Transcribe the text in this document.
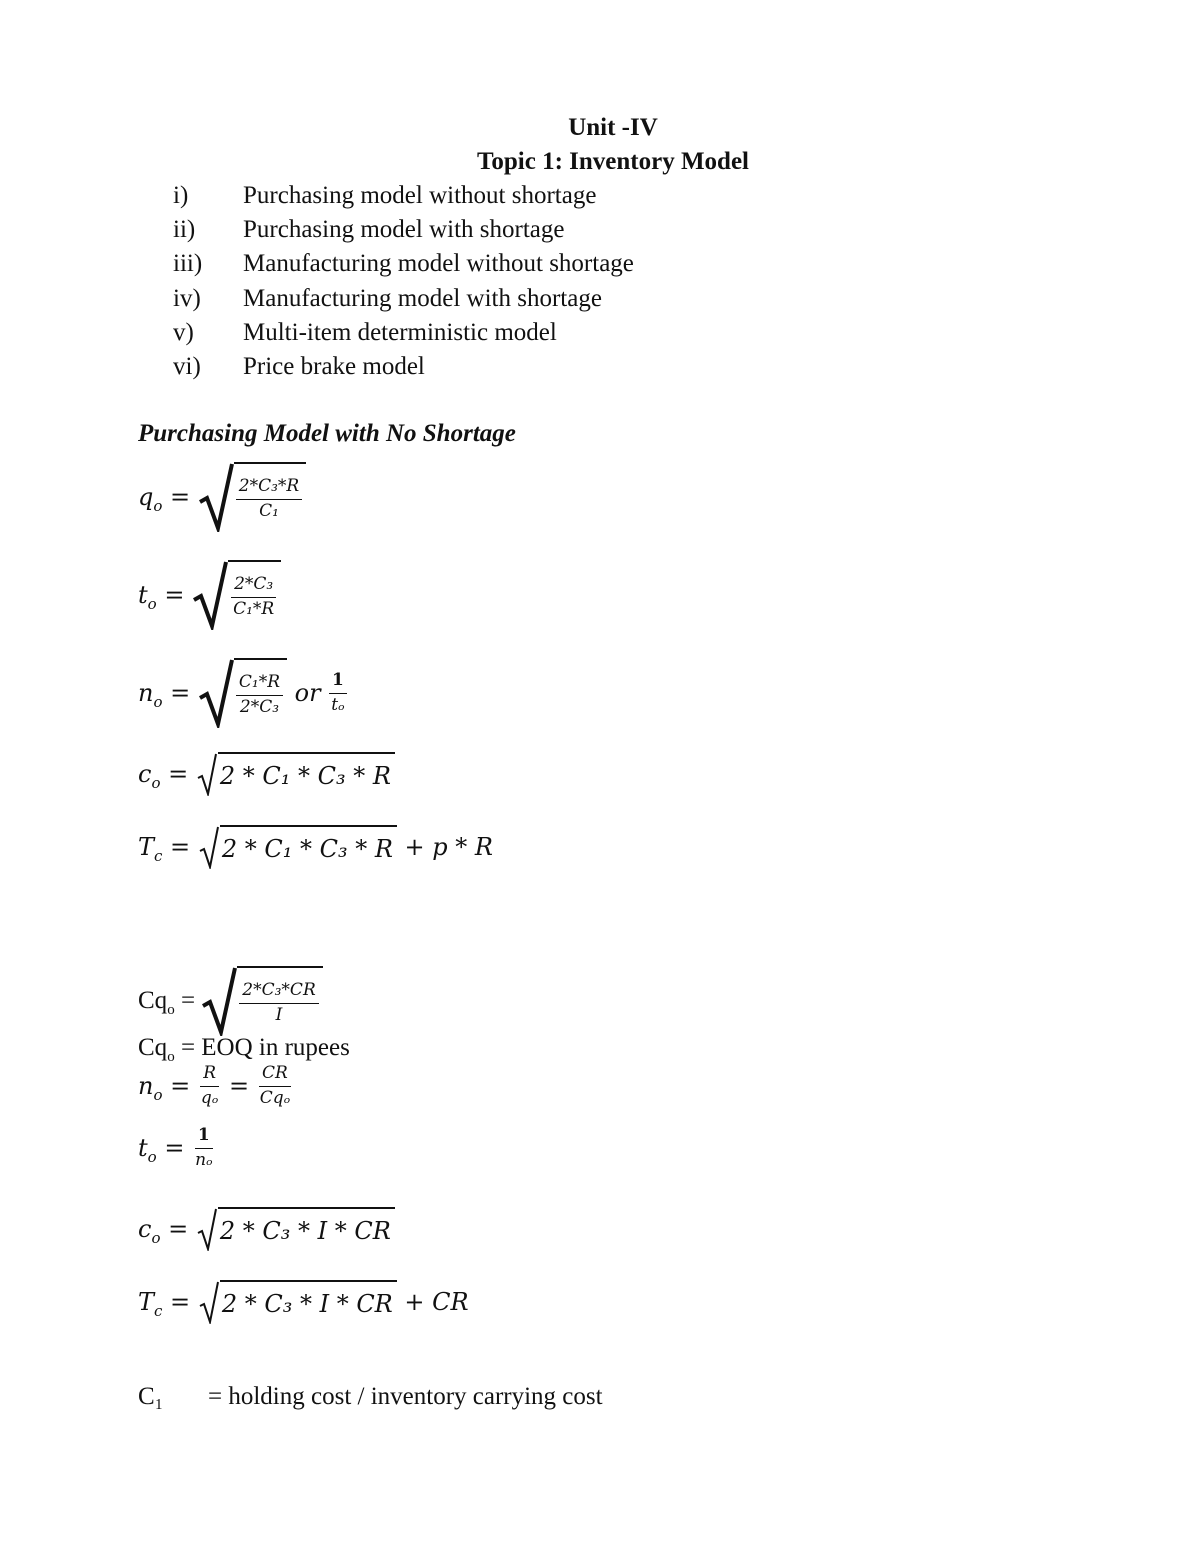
Unit -IV
Topic 1: Inventory Model
i) Purchasing model without shortage
ii) Purchasing model with shortage
iii) Manufacturing model without shortage
iv) Manufacturing model with shortage
v) Multi-item deterministic model
vi) Price brake model
Purchasing Model with No Shortage
$q_o$ =	$\frac{\text{2*C₃*R}}{\text{C₁}}$
$t_o$ =	$\frac{\text{2*C₃}}{\text{C₁*R}}$
$n_o$ =	$\frac{\text{C₁*R}}{\text{2*C₃}}$ or $\frac{1}{\text{tₒ}}$
$c_o = 2 * C_1 * C_3 * R$
$T_c = 2 * C_1 * C_3 * R + p * R$
$Cq_o$ =	$\frac{\text{2*C₃*CR}}{I}$
$Cq_o$ = EOQ in rupees
$n_o = \frac{R}{\text{qₒ}} = \frac{CR}{\text{Cqₒ}}$
$t_o = \frac{1}{\text{nₒ}}$
$c_o = 2 * C_3 * I$ * CR
$T_c = 2 * C_3 * I$ * CR + CR
C₁ = holding cost / inventory carrying cost
